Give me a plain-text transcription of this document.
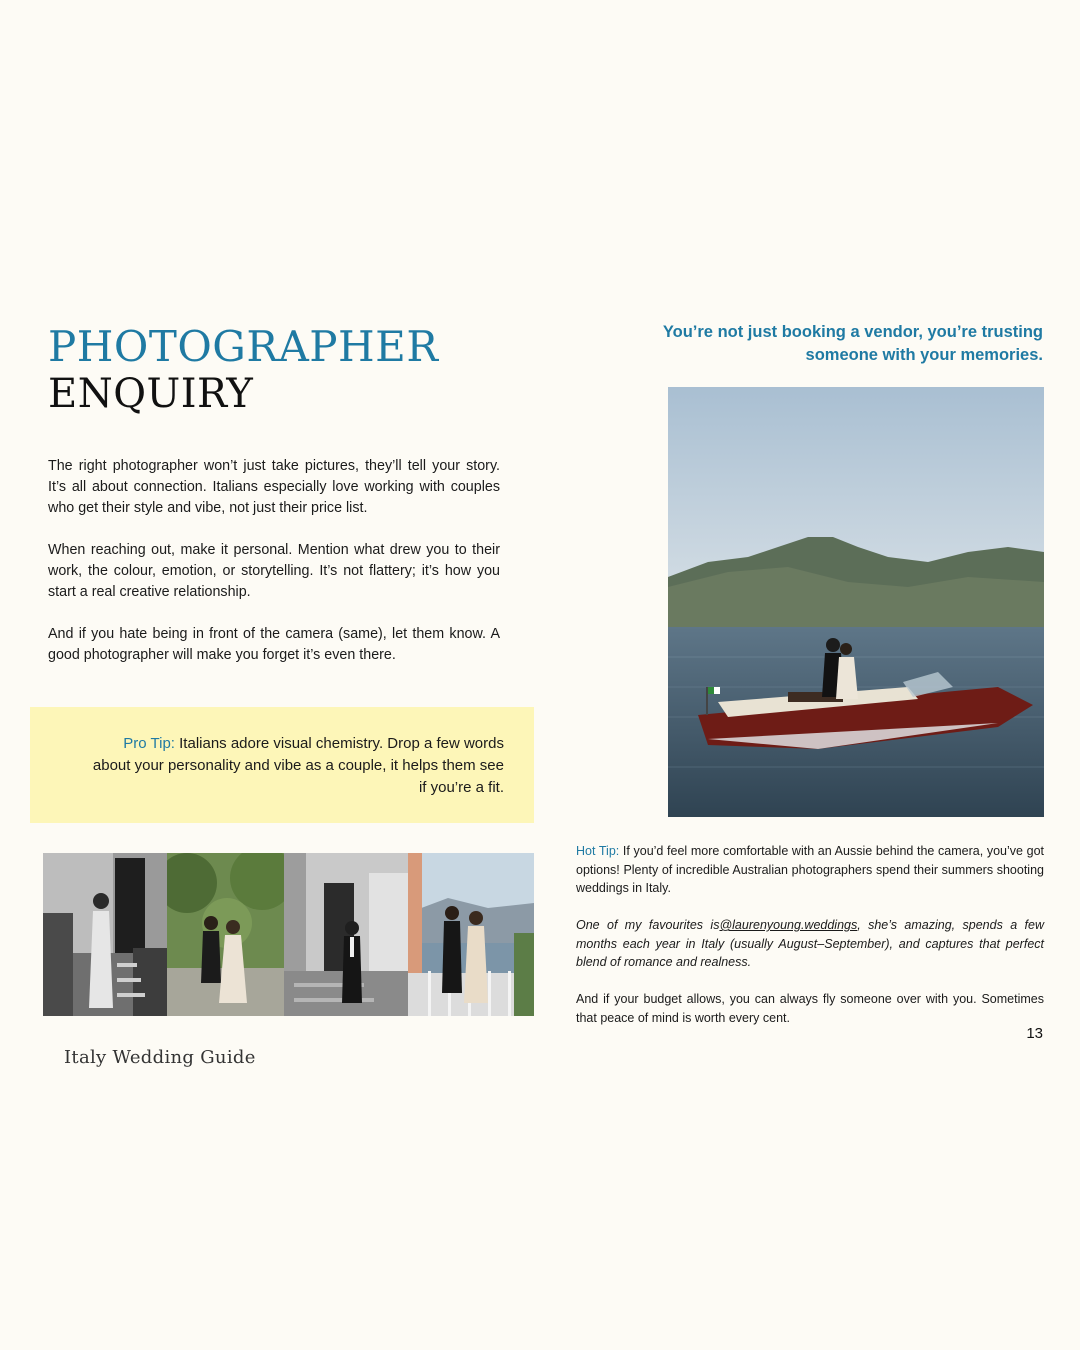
PHOTOGRAPHER
ENQUIRY

The right photographer won’t just take pictures, they’ll tell your story. It’s all about connection. Italians especially love working with couples who get their style and vibe, not just their price list.

When reaching out, make it personal. Mention what drew you to their work, the colour, emotion, or storytelling. It’s not flattery; it’s how you start a real creative relationship.

And if you hate being in front of the camera (same), let them know. A good photographer will make you forget it’s even there.

Pro Tip: Italians adore visual chemistry. Drop a few words about your personality and vibe as a couple, it helps them see if you’re a fit.
Italy Wedding Guide
You’re not just booking a vendor, you’re trusting someone with your memories.

Hot Tip: If you’d feel more comfortable with an Aussie behind the camera, you’ve got options! Plenty of incredible Australian photographers spend their summers shooting weddings in Italy.

One of my favourites is@laurenyoung.weddings, she’s amazing, spends a few months each year in Italy (usually August–September), and captures that perfect blend of romance and realness.

And if your budget allows, you can always fly someone over with you. Sometimes that peace of mind is worth every cent.

13
